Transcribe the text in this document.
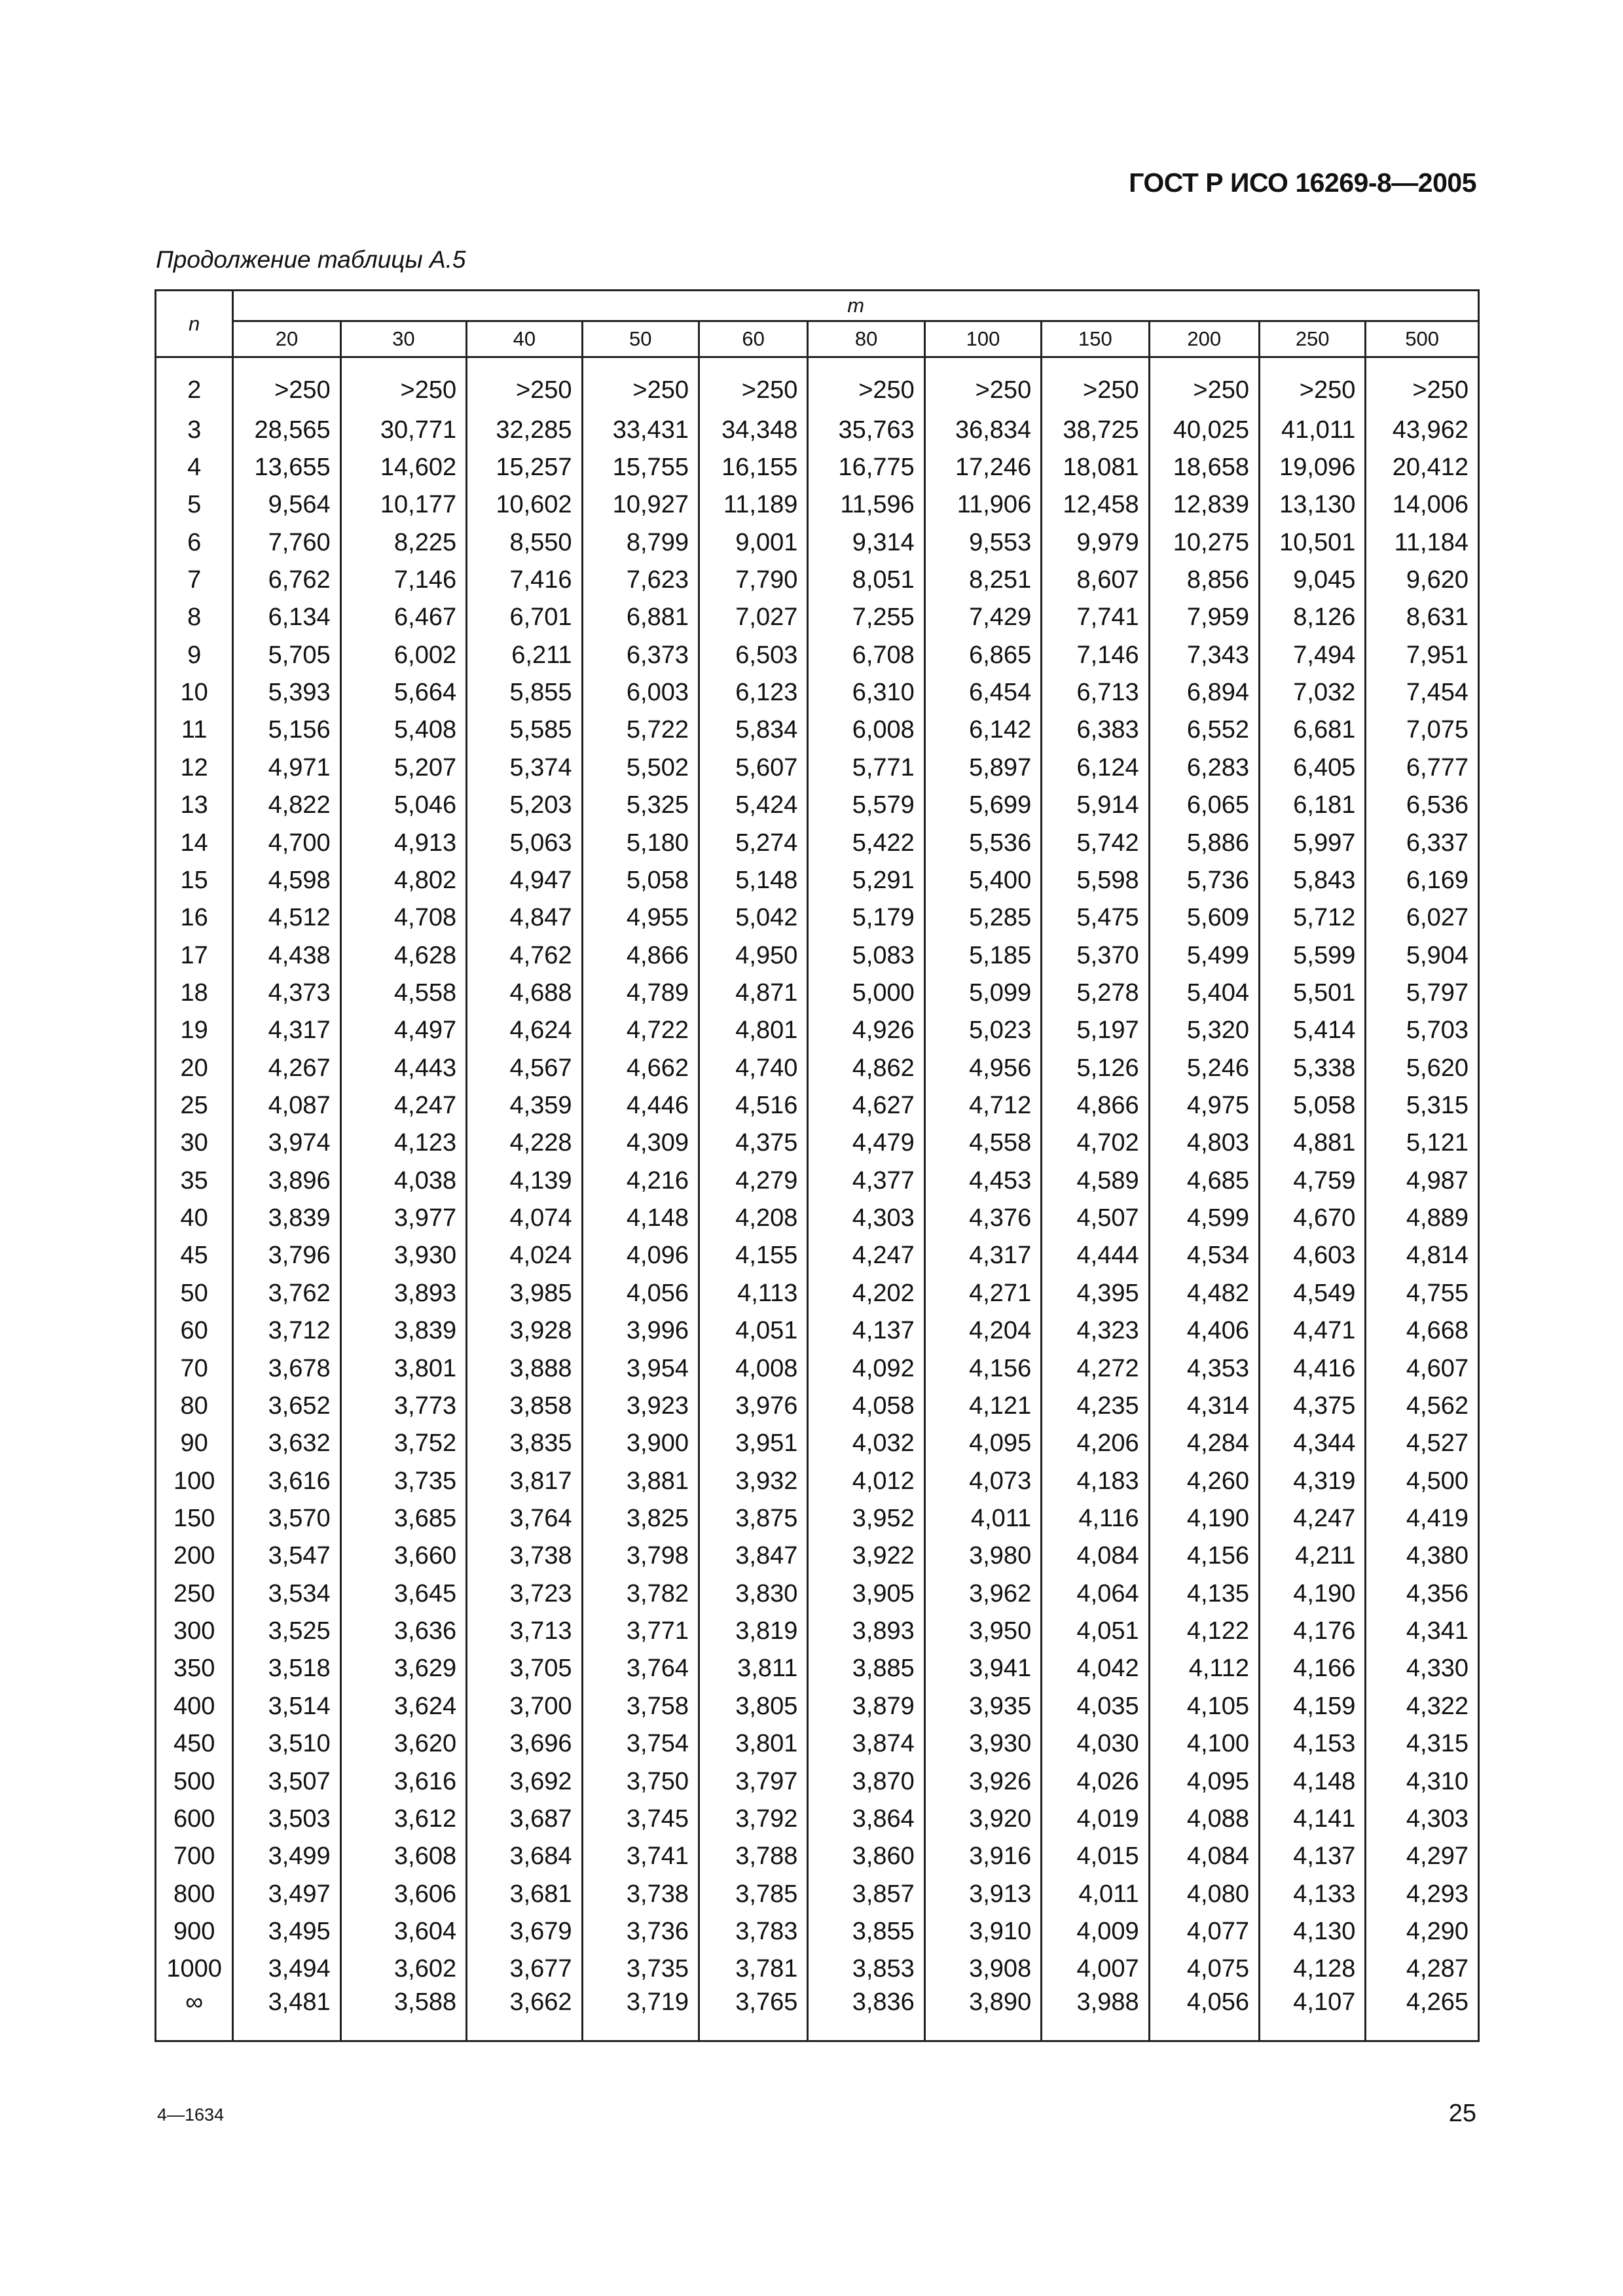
ГОСТ Р ИСО 16269-8—2005
Продолжение таблицы А.5
n	m										
	20	30	40	50	60	80	100	150	200	250	500
2	>250	>250	>250	>250	>250	>250	>250	>250	>250	>250	>250
3	28,565	30,771	32,285	33,431	34,348	35,763	36,834	38,725	40,025	41,011	43,962
4	13,655	14,602	15,257	15,755	16,155	16,775	17,246	18,081	18,658	19,096	20,412
5	9,564	10,177	10,602	10,927	11,189	11,596	11,906	12,458	12,839	13,130	14,006
6	7,760	8,225	8,550	8,799	9,001	9,314	9,553	9,979	10,275	10,501	11,184
7	6,762	7,146	7,416	7,623	7,790	8,051	8,251	8,607	8,856	9,045	9,620
8	6,134	6,467	6,701	6,881	7,027	7,255	7,429	7,741	7,959	8,126	8,631
9	5,705	6,002	6,211	6,373	6,503	6,708	6,865	7,146	7,343	7,494	7,951
10	5,393	5,664	5,855	6,003	6,123	6,310	6,454	6,713	6,894	7,032	7,454
11	5,156	5,408	5,585	5,722	5,834	6,008	6,142	6,383	6,552	6,681	7,075
12	4,971	5,207	5,374	5,502	5,607	5,771	5,897	6,124	6,283	6,405	6,777
13	4,822	5,046	5,203	5,325	5,424	5,579	5,699	5,914	6,065	6,181	6,536
14	4,700	4,913	5,063	5,180	5,274	5,422	5,536	5,742	5,886	5,997	6,337
15	4,598	4,802	4,947	5,058	5,148	5,291	5,400	5,598	5,736	5,843	6,169
16	4,512	4,708	4,847	4,955	5,042	5,179	5,285	5,475	5,609	5,712	6,027
17	4,438	4,628	4,762	4,866	4,950	5,083	5,185	5,370	5,499	5,599	5,904
18	4,373	4,558	4,688	4,789	4,871	5,000	5,099	5,278	5,404	5,501	5,797
19	4,317	4,497	4,624	4,722	4,801	4,926	5,023	5,197	5,320	5,414	5,703
20	4,267	4,443	4,567	4,662	4,740	4,862	4,956	5,126	5,246	5,338	5,620
25	4,087	4,247	4,359	4,446	4,516	4,627	4,712	4,866	4,975	5,058	5,315
30	3,974	4,123	4,228	4,309	4,375	4,479	4,558	4,702	4,803	4,881	5,121
35	3,896	4,038	4,139	4,216	4,279	4,377	4,453	4,589	4,685	4,759	4,987
40	3,839	3,977	4,074	4,148	4,208	4,303	4,376	4,507	4,599	4,670	4,889
45	3,796	3,930	4,024	4,096	4,155	4,247	4,317	4,444	4,534	4,603	4,814
50	3,762	3,893	3,985	4,056	4,113	4,202	4,271	4,395	4,482	4,549	4,755
60	3,712	3,839	3,928	3,996	4,051	4,137	4,204	4,323	4,406	4,471	4,668
70	3,678	3,801	3,888	3,954	4,008	4,092	4,156	4,272	4,353	4,416	4,607
80	3,652	3,773	3,858	3,923	3,976	4,058	4,121	4,235	4,314	4,375	4,562
90	3,632	3,752	3,835	3,900	3,951	4,032	4,095	4,206	4,284	4,344	4,527
100	3,616	3,735	3,817	3,881	3,932	4,012	4,073	4,183	4,260	4,319	4,500
150	3,570	3,685	3,764	3,825	3,875	3,952	4,011	4,116	4,190	4,247	4,419
200	3,547	3,660	3,738	3,798	3,847	3,922	3,980	4,084	4,156	4,211	4,380
250	3,534	3,645	3,723	3,782	3,830	3,905	3,962	4,064	4,135	4,190	4,356
300	3,525	3,636	3,713	3,771	3,819	3,893	3,950	4,051	4,122	4,176	4,341
350	3,518	3,629	3,705	3,764	3,811	3,885	3,941	4,042	4,112	4,166	4,330
400	3,514	3,624	3,700	3,758	3,805	3,879	3,935	4,035	4,105	4,159	4,322
450	3,510	3,620	3,696	3,754	3,801	3,874	3,930	4,030	4,100	4,153	4,315
500	3,507	3,616	3,692	3,750	3,797	3,870	3,926	4,026	4,095	4,148	4,310
600	3,503	3,612	3,687	3,745	3,792	3,864	3,920	4,019	4,088	4,141	4,303
700	3,499	3,608	3,684	3,741	3,788	3,860	3,916	4,015	4,084	4,137	4,297
800	3,497	3,606	3,681	3,738	3,785	3,857	3,913	4,011	4,080	4,133	4,293
900	3,495	3,604	3,679	3,736	3,783	3,855	3,910	4,009	4,077	4,130	4,290
1000	3,494	3,602	3,677	3,735	3,781	3,853	3,908	4,007	4,075	4,128	4,287
∞	3,481	3,588	3,662	3,719	3,765	3,836	3,890	3,988	4,056	4,107	4,265
4—1634	25
